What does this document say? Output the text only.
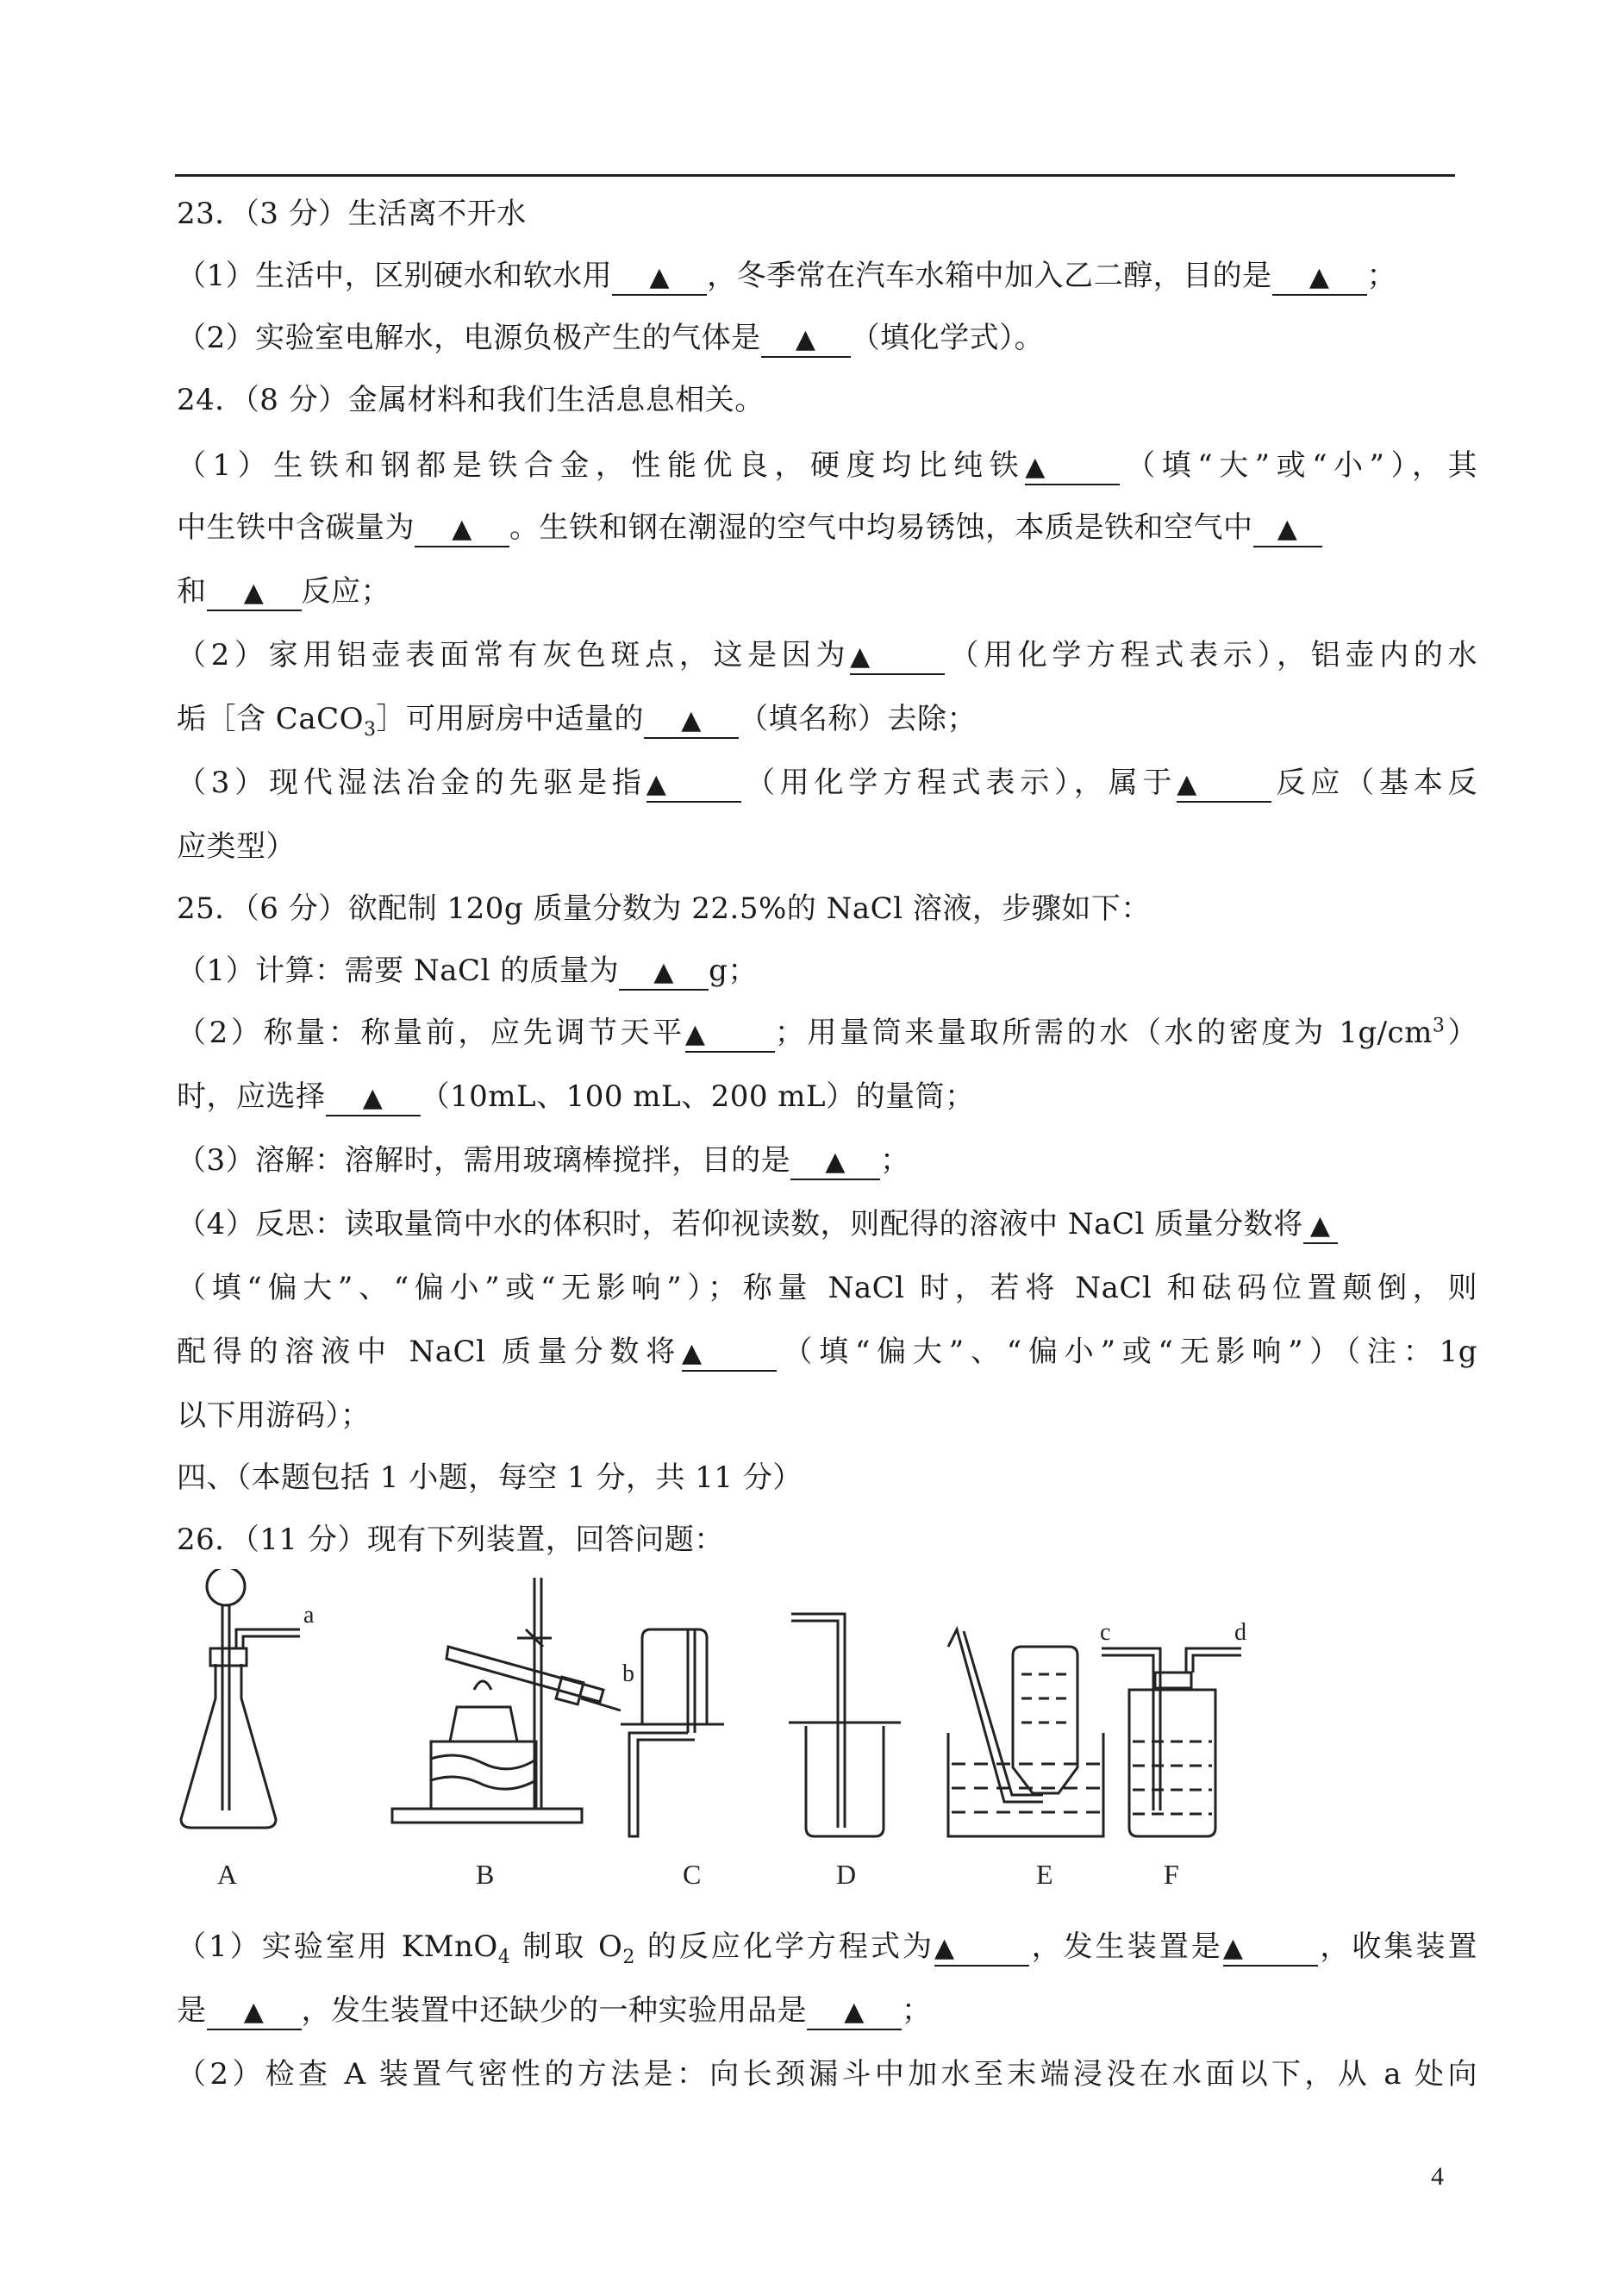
23．（3 分）生活离不开水
（1）生活中，区别硬水和软水用 ▲ ，冬季常在汽车水箱中加入乙二醇，目的是 ▲ ；
（2）实验室电解水，电源负极产生的气体是 ▲ （填化学式）。
24．（8 分）金属材料和我们生活息息相关。
（1）生铁和钢都是铁合金，性能优良，硬度均比纯铁▲	（填“大”或“小”），其
中生铁中含碳量为 ▲ 。生铁和钢在潮湿的空气中均易锈蚀，本质是铁和空气中 ▲
和 ▲ 反应；
（2）家用铝壶表面常有灰色斑点，这是因为▲	（用化学方程式表示），铝壶内的水
垢［含 CaCO$_3$］可用厨房中适量的 ▲ （填名称）去除；
（3）现代湿法冶金的先驱是指▲	（用化学方程式表示），属于▲	反应（基本反
应类型）
25．（6 分）欲配制 120g 质量分数为 22.5%的 NaCl 溶液，步骤如下：
（1）计算：需要 NaCl 的质量为 ▲ g；
（2）称量：称量前，应先调节天平▲ ；用量筒来量取所需的水（水的密度为 $1g/cm^3$）
时，应选择 ▲ （10mL、100 mL、200 mL）的量筒；
（3）溶解：溶解时，需用玻璃棒搅拌，目的是 ▲ ；
（4）反思：读取量筒中水的体积时，若仰视读数，则配得的溶液中 NaCl 质量分数将 ▲
（填“偏大”、“偏小”或“无影响”）；称量 NaCl 时，若将 NaCl 和砝码位置颠倒，则
配得的溶液中 NaCl 质量分数将▲	（填“偏大”、“偏小”或“无影响”）（注：1g
以下用游码）；
四、（本题包括 1 小题，每空 1 分，共 11 分）
26．（11 分）现有下列装置，回答问题：
a
b
c	d
A	B	C	D	E	F
（1）实验室用 KMnO$_4$ 制取 $O_2$ 的反应化学方程式为▲	，发生装置是▲	，收集装置
是 ▲ ，发生装置中还缺少的一种实验用品是 ▲ ；
（2）检查 A 装置气密性的方法是：向长颈漏斗中加水至末端浸没在水面以下，从 a 处向
4
